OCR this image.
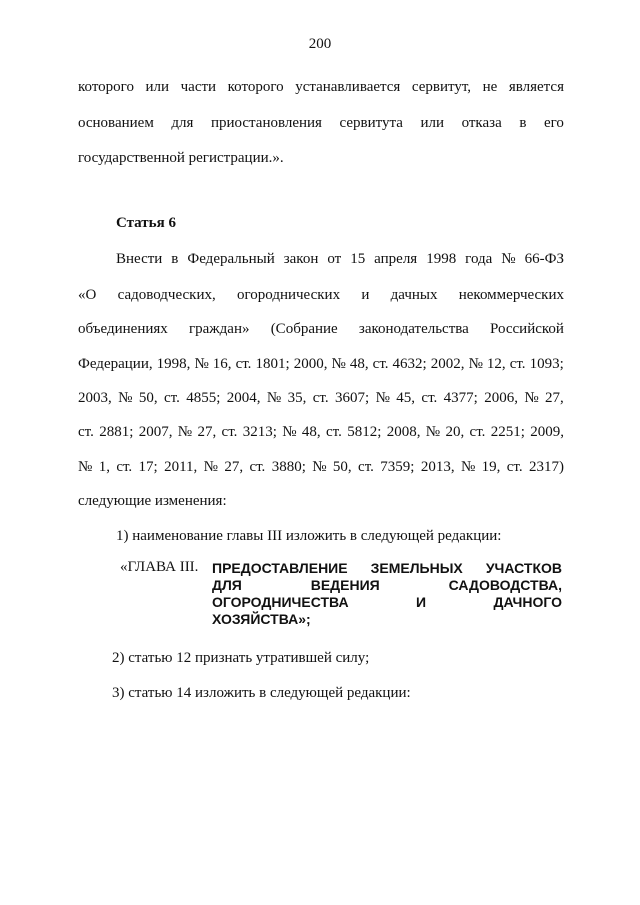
200
которого или части которого устанавливается сервитут, не является
основанием для приостановления сервитута или отказа в его
государственной регистрации.».
Статья 6
Внести в Федеральный закон от 15 апреля 1998 года № 66-ФЗ
«О садоводческих, огороднических и дачных некоммерческих
объединениях граждан» (Собрание законодательства Российской
Федерации, 1998, № 16, ст. 1801; 2000, № 48, ст. 4632; 2002, № 12, ст. 1093;
2003, № 50, ст. 4855; 2004, № 35, ст. 3607; № 45, ст. 4377; 2006, № 27,
ст. 2881; 2007, № 27, ст. 3213; № 48, ст. 5812; 2008, № 20, ст. 2251; 2009,
№ 1, ст. 17; 2011, № 27, ст. 3880; № 50, ст. 7359; 2013, № 19, ст. 2317)
следующие изменения:
1) наименование главы III изложить в следующей редакции:
«ГЛАВА III. ПРЕДОСТАВЛЕНИЕ ЗЕМЕЛЬНЫХ УЧАСТКОВ
ДЛЯ	ВЕДЕНИЯ	САДОВОДСТВА,
ОГОРОДНИЧЕСТВА	И	ДАЧНОГО
ХОЗЯЙСТВА»;
2) статью 12 признать утратившей силу;
3) статью 14 изложить в следующей редакции:
